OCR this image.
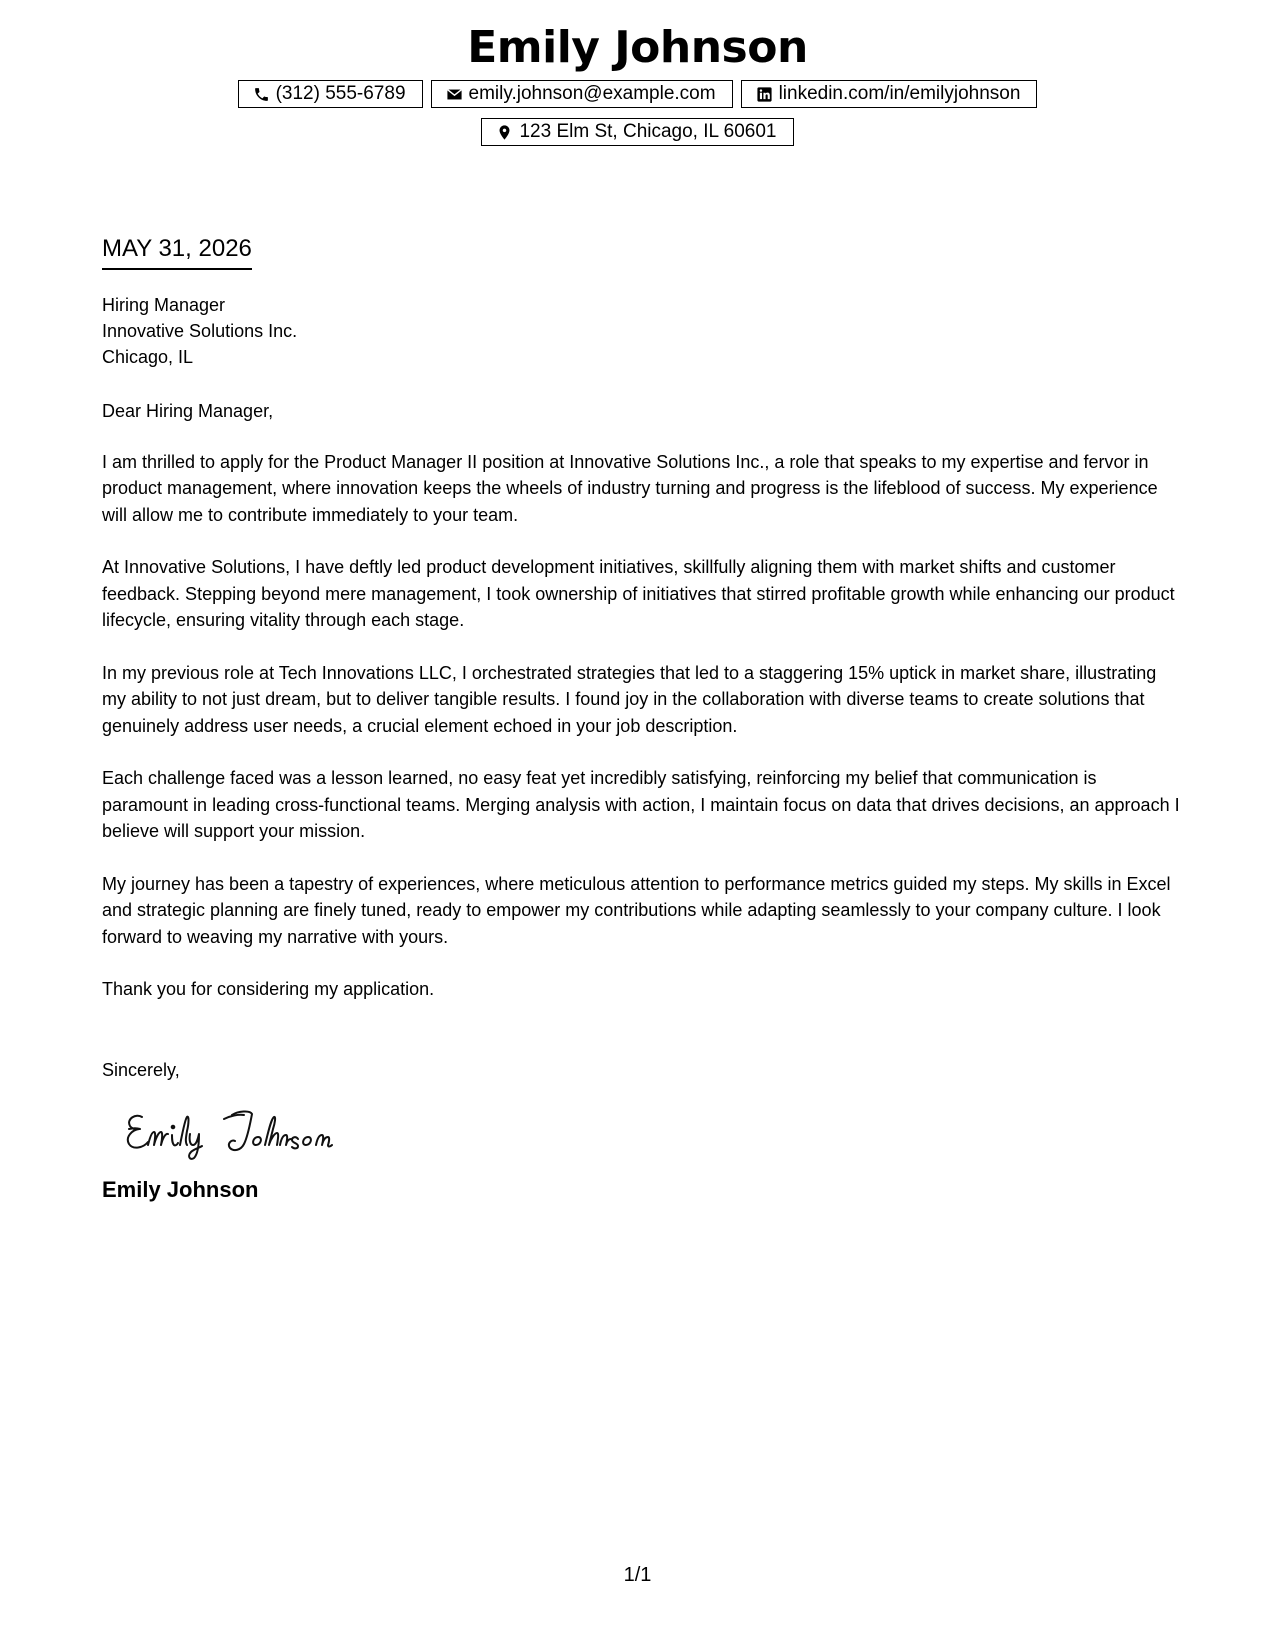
Emily Johnson
(312) 555-6789	emily.johnson@example.com	linkedin.com/in/emilyjohnson
123 Elm St, Chicago, IL 60601
MAY 31, 2026
Hiring Manager
Innovative Solutions Inc.
Chicago, IL
Dear Hiring Manager,

I am thrilled to apply for the Product Manager II position at Innovative Solutions Inc., a role that speaks to my expertise and fervor in product management, where innovation keeps the wheels of industry turning and progress is the lifeblood of success. My experience will allow me to contribute immediately to your team.

At Innovative Solutions, I have deftly led product development initiatives, skillfully aligning them with market shifts and customer feedback. Stepping beyond mere management, I took ownership of initiatives that stirred profitable growth while enhancing our product lifecycle, ensuring vitality through each stage.

In my previous role at Tech Innovations LLC, I orchestrated strategies that led to a staggering 15% uptick in market share, illustrating my ability to not just dream, but to deliver tangible results. I found joy in the collaboration with diverse teams to create solutions that genuinely address user needs, a crucial element echoed in your job description.

Each challenge faced was a lesson learned, no easy feat yet incredibly satisfying, reinforcing my belief that communication is paramount in leading cross-functional teams. Merging analysis with action, I maintain focus on data that drives decisions, an approach I believe will support your mission.

My journey has been a tapestry of experiences, where meticulous attention to performance metrics guided my steps. My skills in Excel and strategic planning are finely tuned, ready to empower my contributions while adapting seamlessly to your company culture. I look forward to weaving my narrative with yours.

Thank you for considering my application.
Sincerely,
Emily Johnson
1/1
